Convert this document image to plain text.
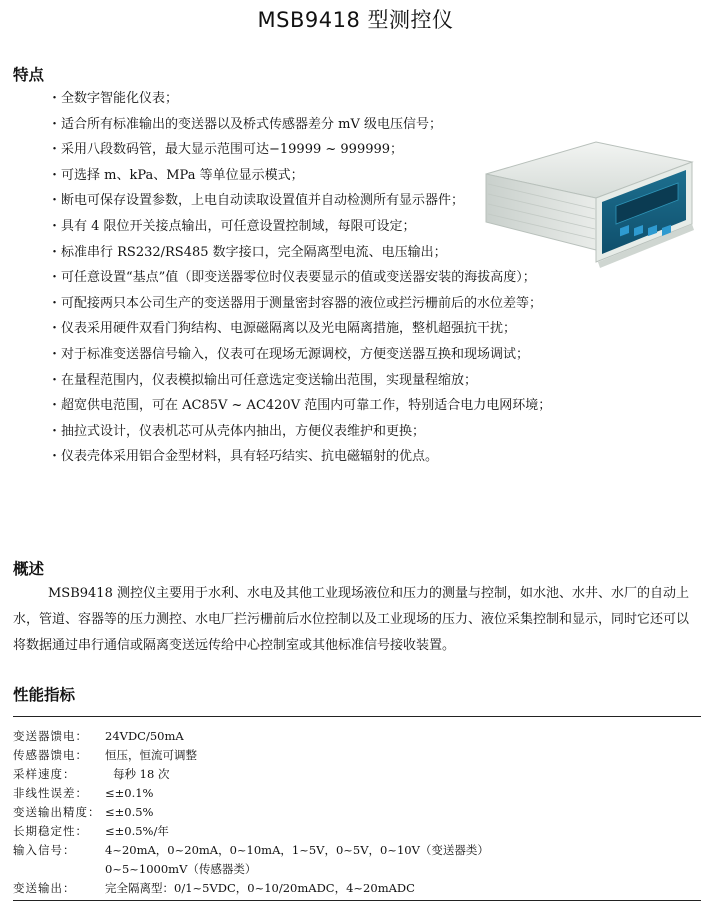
MSB9418 型测控仪
特点
・全数字智能化仪表；
・适合所有标准输出的变送器以及桥式传感器差分 mV 级电压信号；
・采用八段数码管，最大显示范围可达−19999 ~ 999999；
・可选择 m、kPa、MPa 等单位显示模式；
・断电可保存设置参数，上电自动读取设置值并自动检测所有显示器件；
・具有 4 限位开关接点输出，可任意设置控制域，每限可设定；
・标准串行 RS232/RS485 数字接口，完全隔离型电流、电压输出；
・可任意设置“基点”值（即变送器零位时仪表要显示的值或变送器安装的海拔高度）；
・可配接两只本公司生产的变送器用于测量密封容器的液位或拦污栅前后的水位差等；
・仪表采用硬件双看门狗结构、电源磁隔离以及光电隔离措施，整机超强抗干扰；
・对于标准变送器信号输入，仪表可在现场无源调校，方便变送器互换和现场调试；
・在量程范围内，仪表模拟输出可任意选定变送输出范围，实现量程缩放；
・超宽供电范围，可在 AC85V ~ AC420V 范围内可靠工作，特别适合电力电网环境；
・抽拉式设计，仪表机芯可从壳体内抽出，方便仪表维护和更换；
・仪表壳体采用铝合金型材料，具有轻巧结实、抗电磁辐射的优点。
概述
MSB9418 测控仪主要用于水利、水电及其他工业现场液位和压力的测量与控制，如水池、水井、水厂的自动上水，管道、容器等的压力测控、水电厂拦污栅前后水位控制以及工业现场的压力、液位采集控制和显示，同时它还可以将数据通过串行通信或隔离变送远传给中心控制室或其他标准信号接收装置。
性能指标
变送器馈电：	24VDC/50mA
传感器馈电：	恒压，恒流可调整
采样速度：	每秒 18 次
非线性误差：	≤±0.1%
变送输出精度： ≤±0.5%
长期稳定性：	≤±0.5%/年
输入信号：	4~20mA，0~20mA，0~10mA，1~5V，0~5V，0~10V（变送器类）
0~5~1000mV（传感器类）
变送输出：	完全隔离型：0/1~5VDC，0~10/20mADC，4~20mADC
